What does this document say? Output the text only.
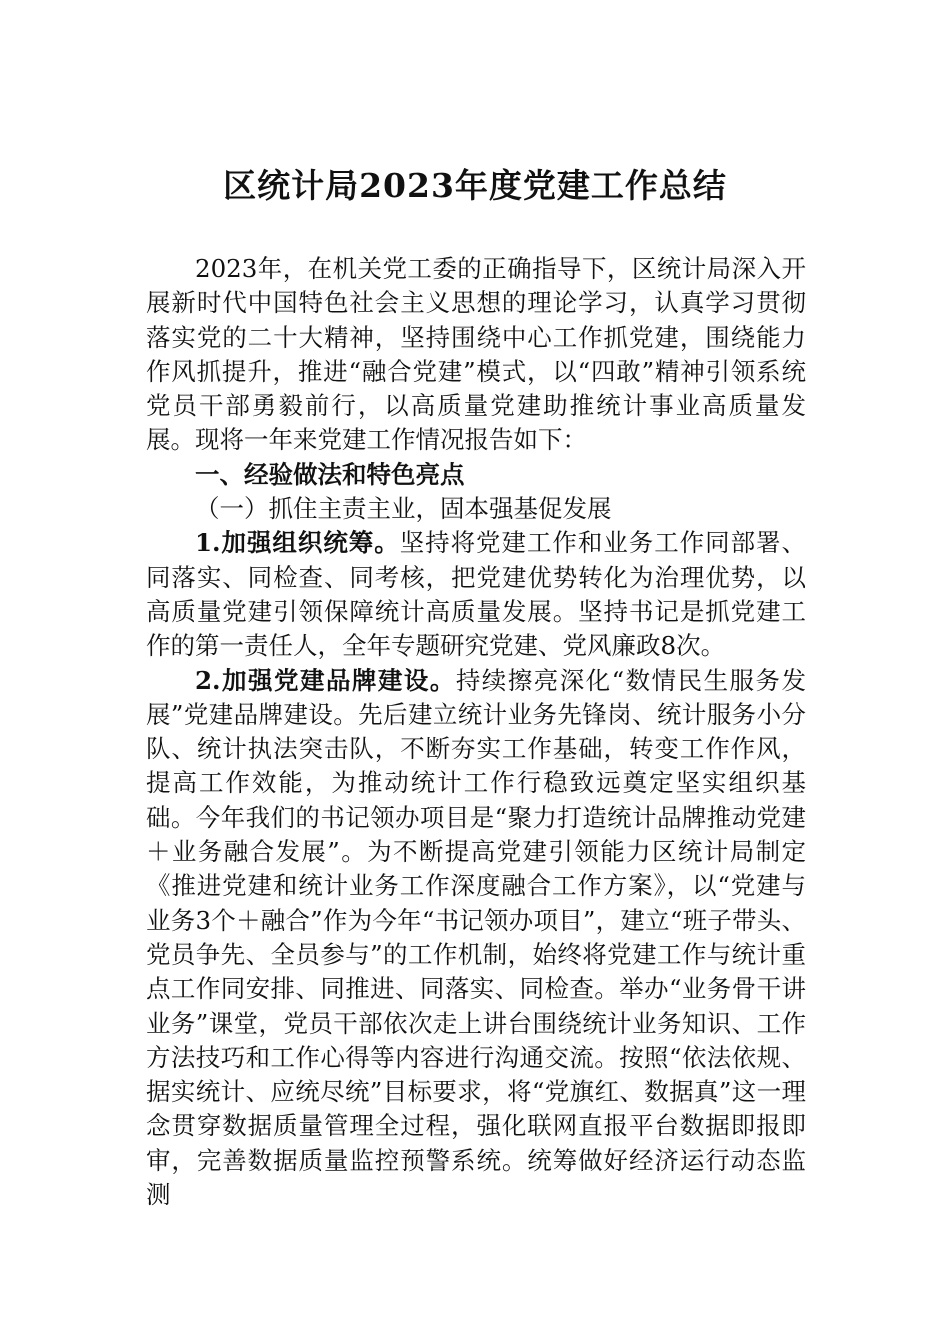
区统计局2023年度党建工作总结

2023年，在机关党工委的正确指导下，区统计局深入开展新时代中国特色社会主义思想的理论学习，认真学习贯彻落实党的二十大精神，坚持围绕中心工作抓党建，围绕能力作风抓提升，推进“融合党建”模式，以“四敢”精神引领系统党员干部勇毅前行，以高质量党建助推统计事业高质量发展。现将一年来党建工作情况报告如下：

一、经验做法和特色亮点

（一）抓住主责主业，固本强基促发展

1.加强组织统筹。坚持将党建工作和业务工作同部署、同落实、同检查、同考核，把党建优势转化为治理优势，以高质量党建引领保障统计高质量发展。坚持书记是抓党建工作的第一责任人，全年专题研究党建、党风廉政8次。

2.加强党建品牌建设。持续擦亮深化“数情民生服务发展”党建品牌建设。先后建立统计业务先锋岗、统计服务小分队、统计执法突击队，不断夯实工作基础，转变工作作风，提高工作效能，为推动统计工作行稳致远奠定坚实组织基础。今年我们的书记领办项目是“聚力打造统计品牌推动党建＋业务融合发展”。为不断提高党建引领能力区统计局制定《推进党建和统计业务工作深度融合工作方案》，以“党建与业务3个＋融合”作为今年“书记领办项目”，建立“班子带头、党员争先、全员参与”的工作机制，始终将党建工作与统计重点工作同安排、同推进、同落实、同检查。举办“业务骨干讲业务”课堂，党员干部依次走上讲台围绕统计业务知识、工作方法技巧和工作心得等内容进行沟通交流。按照“依法依规、据实统计、应统尽统”目标要求，将“党旗红、数据真”这一理念贯穿数据质量管理全过程，强化联网直报平台数据即报即审，完善数据质量监控预警系统。统筹做好经济运行动态监测
